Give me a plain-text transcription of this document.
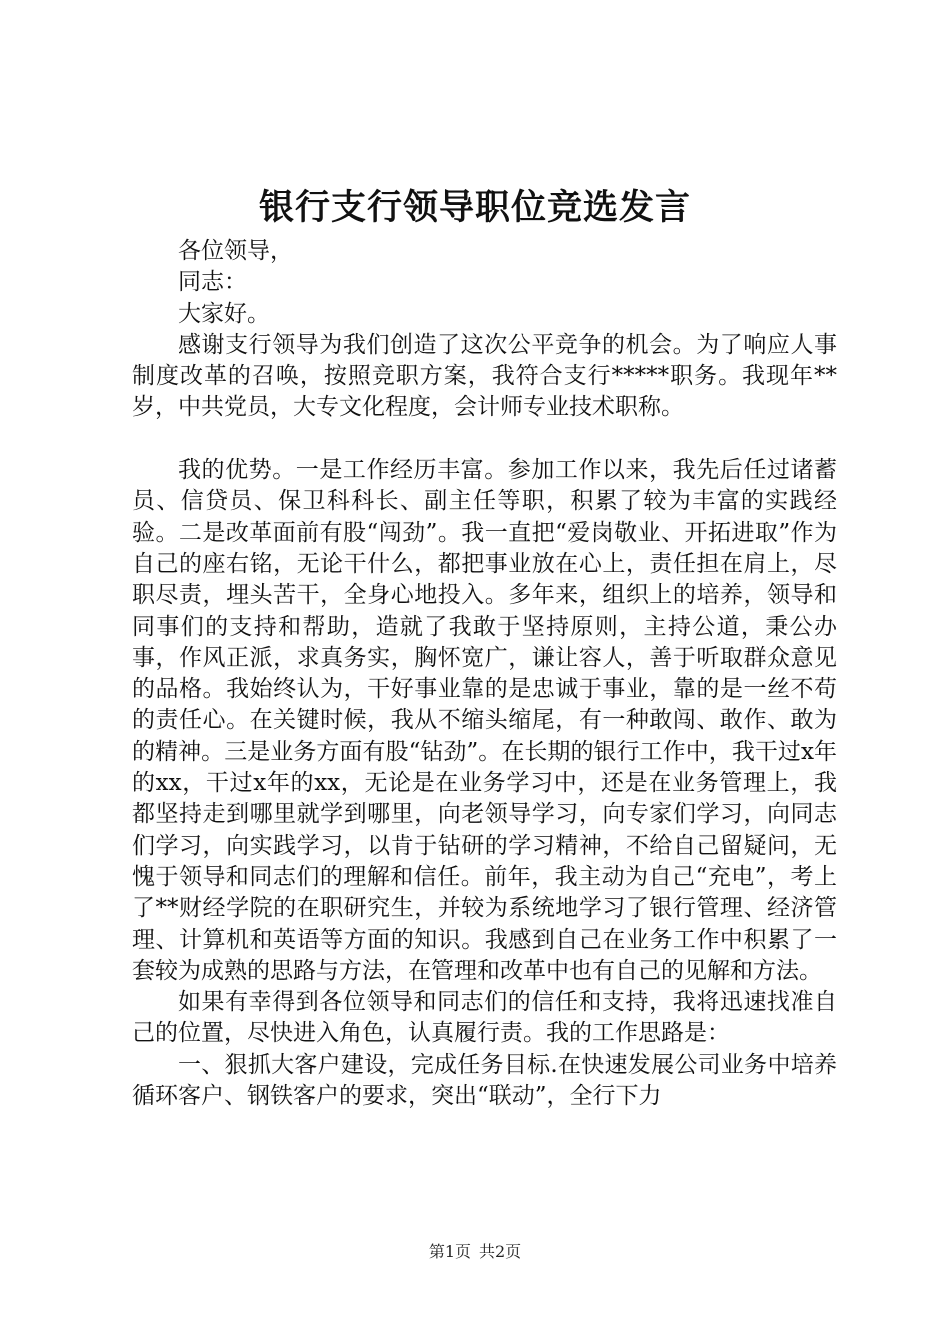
银行支行领导职位竞选发言

各位领导，

同志：

大家好。

感谢支行领导为我们创造了这次公平竞争的机会。为了响应人事制度改革的召唤，按照竞职方案，我符合支行*****职务。我现年**岁，中共党员，大专文化程度，会计师专业技术职称。

我的优势。一是工作经历丰富。参加工作以来，我先后任过诸蓄员、信贷员、保卫科科长、副主任等职，积累了较为丰富的实践经验。二是改革面前有股“闯劲”。我一直把“爱岗敬业、开拓进取”作为自己的座右铭，无论干什么，都把事业放在心上，责任担在肩上，尽职尽责，埋头苦干，全身心地投入。多年来，组织上的培养，领导和同事们的支持和帮助，造就了我敢于坚持原则，主持公道，秉公办事，作风正派，求真务实，胸怀宽广，谦让容人，善于听取群众意见的品格。我始终认为，干好事业靠的是忠诚于事业，靠的是一丝不苟的责任心。在关键时候，我从不缩头缩尾，有一种敢闯、敢作、敢为的精神。三是业务方面有股“钻劲”。在长期的银行工作中，我干过x年的xx，干过x年的xx，无论是在业务学习中，还是在业务管理上，我都坚持走到哪里就学到哪里，向老领导学习，向专家们学习，向同志们学习，向实践学习，以肯于钻研的学习精神，不给自己留疑问，无愧于领导和同志们的理解和信任。前年，我主动为自己“充电”，考上了**财经学院的在职研究生，并较为系统地学习了银行管理、经济管理、计算机和英语等方面的知识。我感到自己在业务工作中积累了一套较为成熟的思路与方法，在管理和改革中也有自己的见解和方法。

如果有幸得到各位领导和同志们的信任和支持，我将迅速找准自己的位置，尽快进入角色，认真履行责。我的工作思路是：

一、狠抓大客户建设，完成任务目标.在快速发展公司业务中培养循环客户、钢铁客户的要求，突出“联动”，全行下力

第1页 共2页
